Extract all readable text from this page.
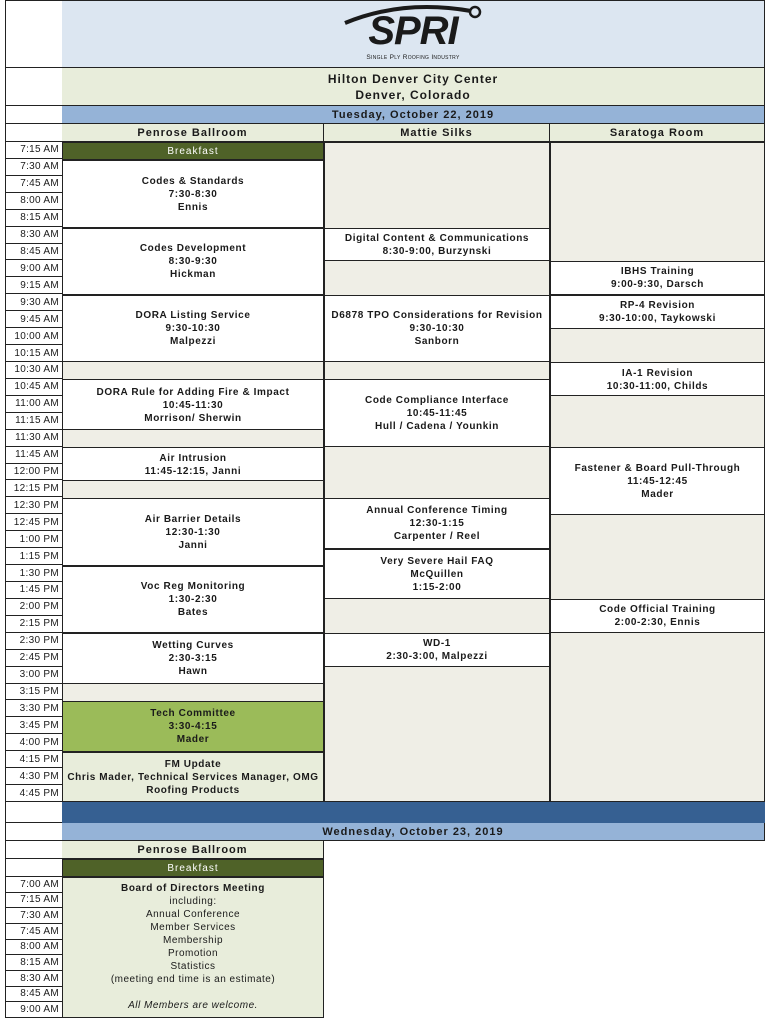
SPRI
Single Ply Roofing Industry
Hilton Denver City Center
Denver, Colorado
Tuesday, October 22, 2019
Penrose Ballroom	Mattie Silks	Saratoga Room
7:15 AM
7:30 AM
7:45 AM
8:00 AM
8:15 AM
8:30 AM
8:45 AM
9:00 AM
9:15 AM
9:30 AM
9:45 AM
10:00 AM
10:15 AM
10:30 AM
10:45 AM
11:00 AM
11:15 AM
11:30 AM
11:45 AM
12:00 PM
12:15 PM
12:30 PM
12:45 PM
1:00 PM
1:15 PM
1:30 PM
1:45 PM
2:00 PM
2:15 PM
2:30 PM
2:45 PM
3:00 PM
3:15 PM
3:30 PM
3:45 PM
4:00 PM
4:15 PM
4:30 PM
4:45 PM
Breakfast
Codes & Standards
7:30-8:30
Ennis
Codes Development
8:30-9:30
Hickman
DORA Listing Service
9:30-10:30
Malpezzi
DORA Rule for Adding Fire & Impact
10:45-11:30
Morrison/ Sherwin
Air Intrusion
11:45-12:15, Janni
Air Barrier Details
12:30-1:30
Janni
Voc Reg Monitoring
1:30-2:30
Bates
Wetting Curves
2:30-3:15
Hawn
Tech Committee
3:30-4:15
Mader
FM Update
Chris Mader, Technical Services Manager, OMG
Roofing Products
Digital Content & Communications
8:30-9:00, Burzynski
D6878 TPO Considerations for Revision
9:30-10:30
Sanborn
Code Compliance Interface
10:45-11:45
Hull / Cadena / Younkin
Annual Conference Timing
12:30-1:15
Carpenter / Reel
Very Severe Hail FAQ
McQuillen
1:15-2:00
WD-1
2:30-3:00, Malpezzi
IBHS Training
9:00-9:30, Darsch
RP-4 Revision
9:30-10:00, Taykowski
IA-1 Revision
10:30-11:00, Childs
Fastener & Board Pull-Through
11:45-12:45
Mader
Code Official Training
2:00-2:30, Ennis
Wednesday, October 23, 2019
Penrose Ballroom
Breakfast
7:00 AM
7:15 AM
7:30 AM
7:45 AM
8:00 AM
8:15 AM
8:30 AM
8:45 AM
9:00 AM
Board of Directors Meeting
including:
Annual Conference
Member Services
Membership
Promotion
Statistics
(meeting end time is an estimate)
All Members are welcome.
